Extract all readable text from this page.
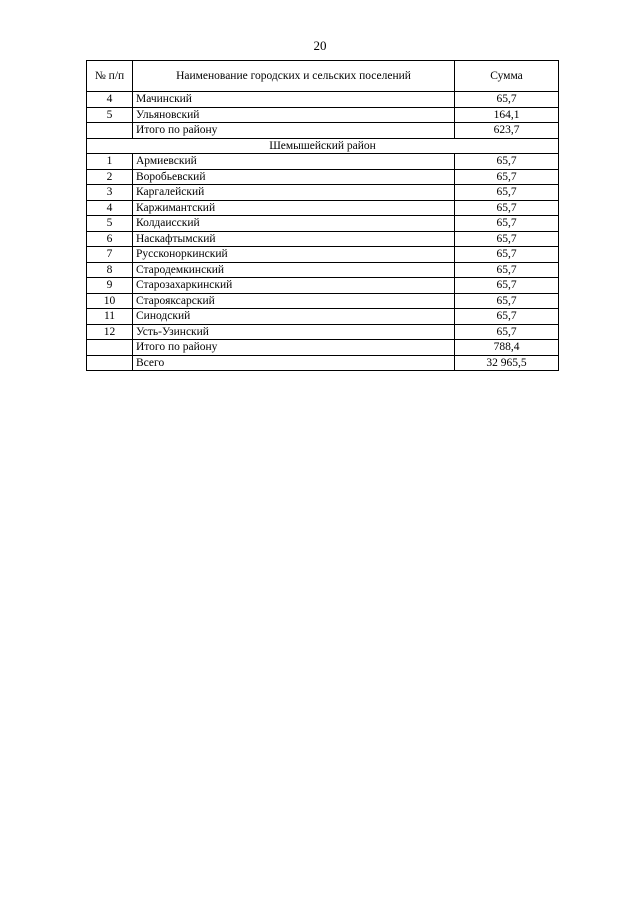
20
№ п/п	Наименование городских и сельских поселений	Сумма
4	Мачинский	65,7
5	Ульяновский	164,1
	Итого по району	623,7
Шемышейский район		
1	Армиевский	65,7
2	Воробьевский	65,7
3	Каргалейский	65,7
4	Каржимантский	65,7
5	Колдаисский	65,7
6	Наскафтымский	65,7
7	Руссконоркинский	65,7
8	Стародемкинский	65,7
9	Старозахаркинский	65,7
10	Старояксарский	65,7
11	Синодский	65,7
12	Усть-Узинский	65,7
	Итого по району	788,4
	Всего	32 965,5
